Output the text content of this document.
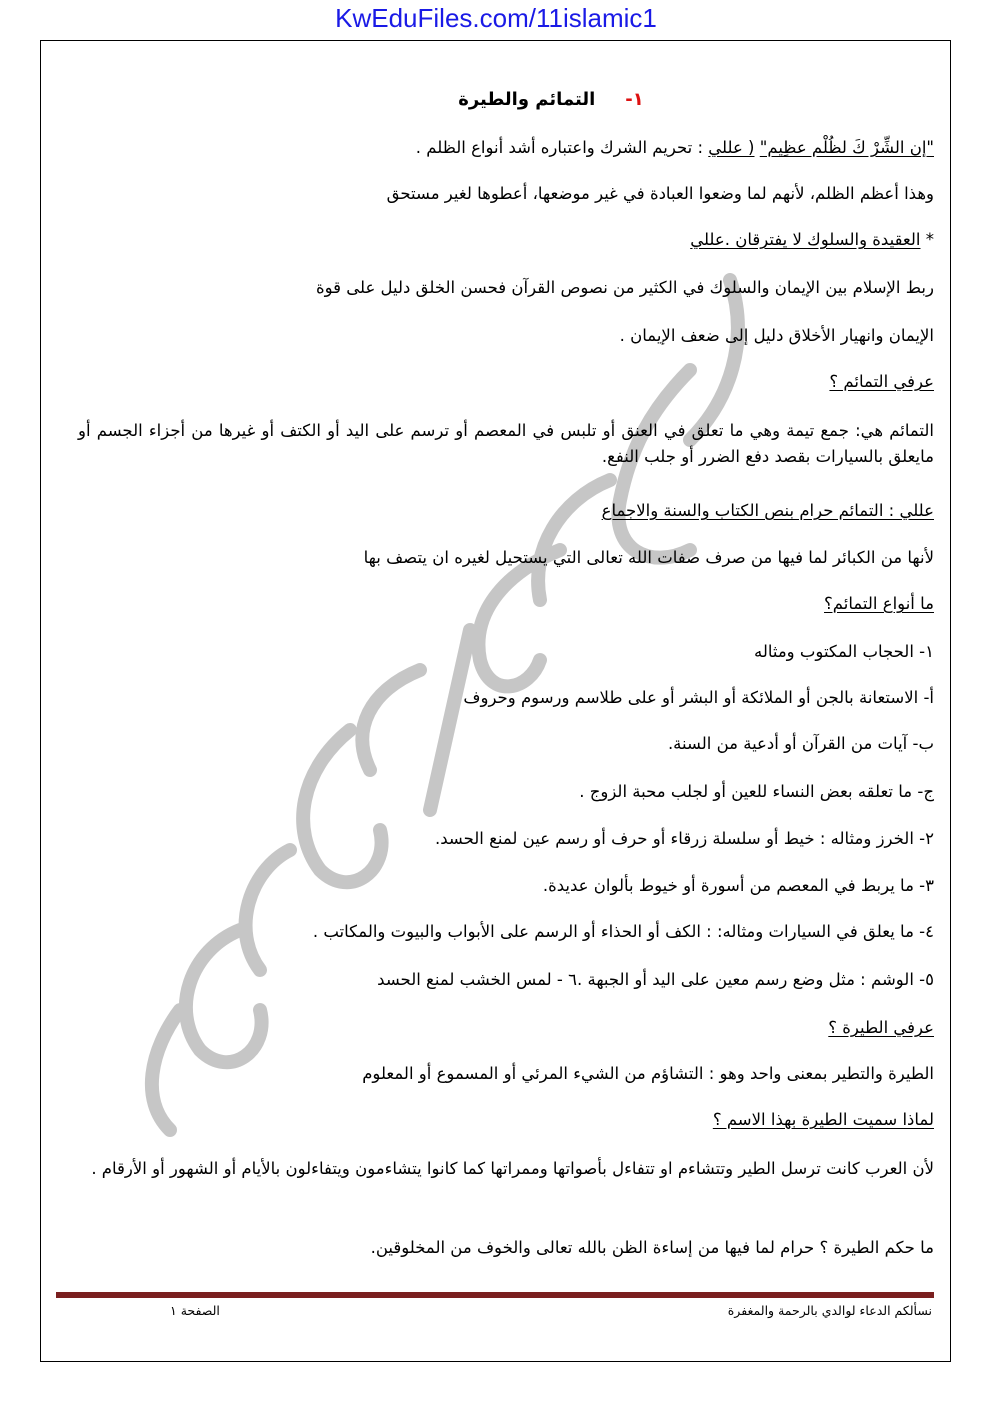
KwEduFiles.com/11islamic1
إعداد المعلمة / هدى عبدالرحمن
١-
التمائم والطيرة
"إن الشِّرْ كَ لظُلْم عظِيم" ( عللي : تحريم الشرك واعتباره أشد أنواع الظلم .
وهذا أعظم الظلم، لأنهم لما وضعوا العبادة في غير موضعها، أعطوها لغير مستحق
* العقيدة والسلوك لا يفترقان .عللي
ربط الإسلام بين الإيمان والسلوك في الكثير من نصوص القرآن فحسن الخلق دليل على قوة
الإيمان وانهيار الأخلاق دليل إلى ضعف الإيمان .
عرفي التمائم ؟
التمائم هي: جمع تيمة وهي ما تعلق في العنق أو تلبس في المعصم أو ترسم على اليد أو الكتف أو غيرها من أجزاء الجسم أو مايعلق بالسيارات بقصد دفع الضرر أو جلب النفع.
عللي : التمائم حرام بنص الكتاب والسنة والاجماع
لأنها من الكبائر لما فيها من صرف صفات الله تعالى التي يستحيل لغيره ان يتصف بها
ما أنواع التمائم؟
١- الحجاب المكتوب ومثاله
أ- الاستعانة بالجن أو الملائكة أو البشر أو على طلاسم ورسوم وحروف
ب- آيات من القرآن أو أدعية من السنة.
ج- ما تعلقه بعض النساء للعين أو لجلب محبة الزوج .
٢- الخرز ومثاله : خيط أو سلسلة زرقاء أو حرف أو رسم عين لمنع الحسد.
٣- ما يربط في المعصم من أسورة أو خيوط بألوان عديدة.
٤- ما يعلق في السيارات ومثاله: : الكف أو الحذاء أو الرسم على الأبواب والبيوت والمكاتب .
٥- الوشم : مثل وضع رسم معين على اليد أو الجبهة .٦ - لمس الخشب لمنع الحسد
عرفي الطيرة ؟
الطيرة والتطير بمعنى واحد وهو : التشاؤم من الشيء المرئي أو المسموع أو المعلوم
لماذا سميت الطيرة بهذا الاسم ؟
لأن العرب كانت ترسل الطير وتتشاءم او تتفاءل بأصواتها وممراتها كما كانوا يتشاءمون ويتفاءلون بالأيام أو الشهور أو الأرقام .
ما حكم الطيرة ؟ حرام لما فيها من إساءة الظن بالله تعالى والخوف من المخلوقين.
نسألكم الدعاء لوالدي بالرحمة والمغفرة
الصفحة ١
